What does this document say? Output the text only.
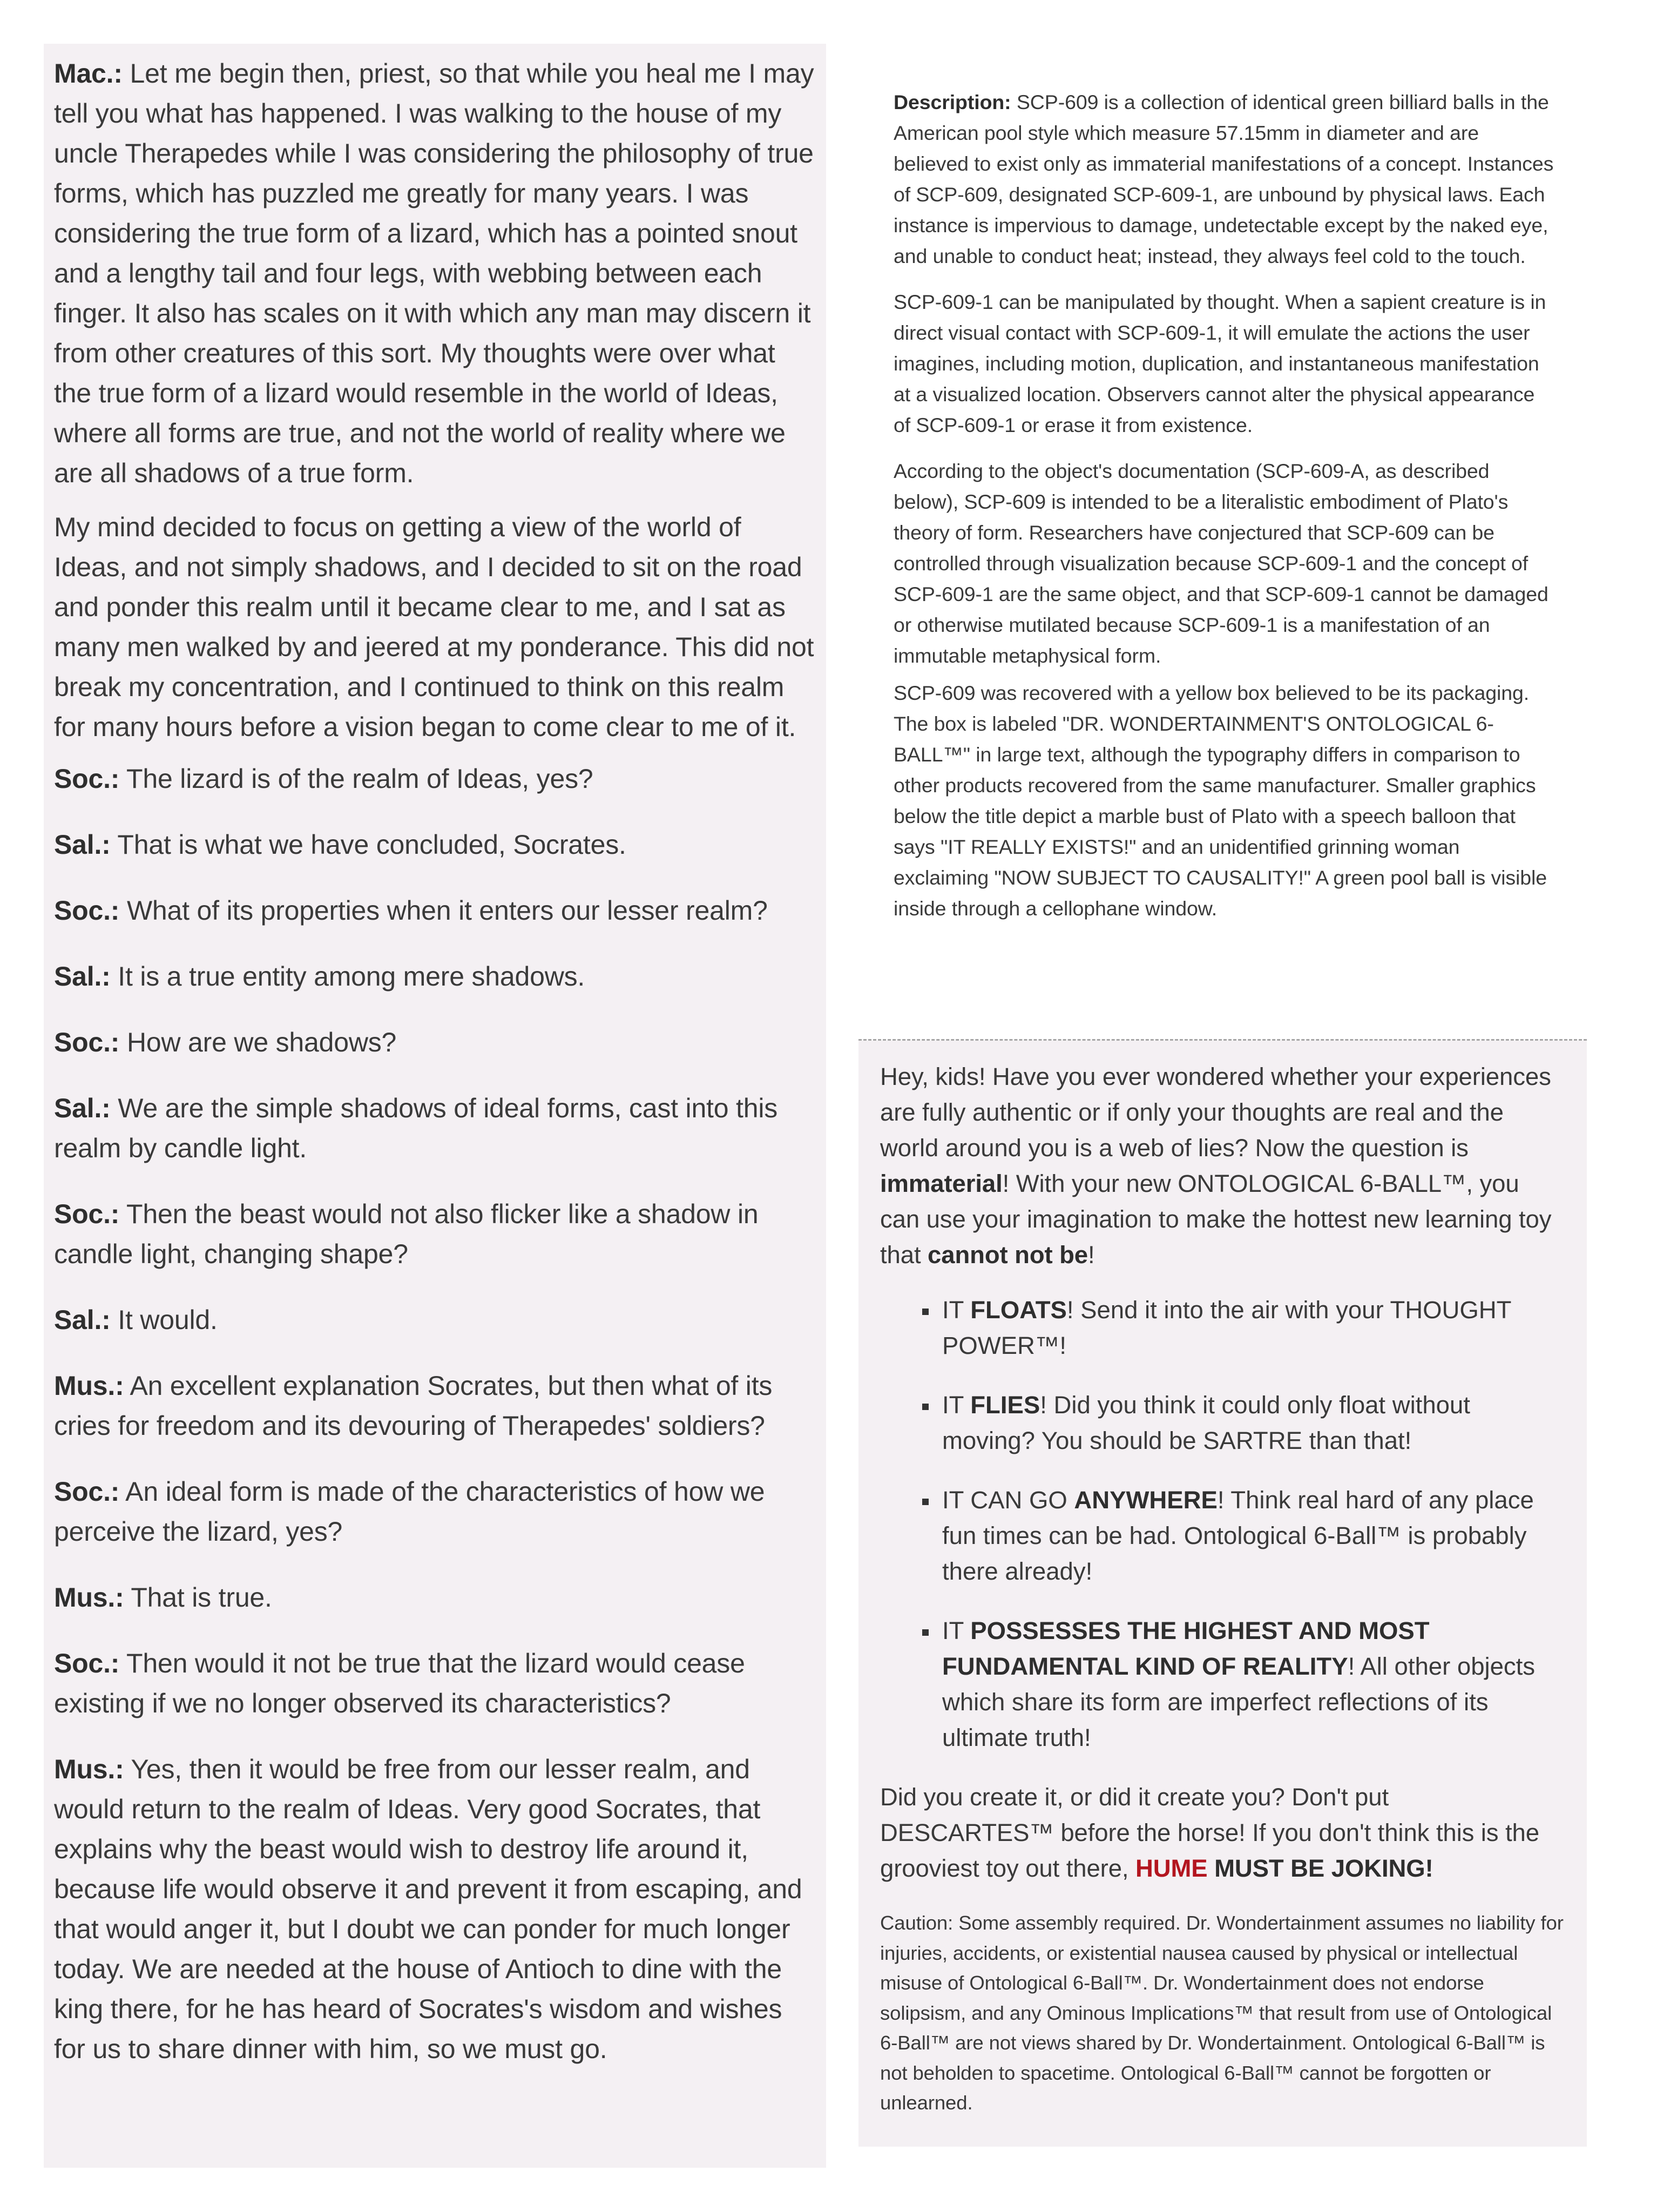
Mac.: Let me begin then, priest, so that while you heal me I may tell you what has happened. I was walking to the house of my uncle Therapedes while I was considering the philosophy of true forms, which has puzzled me greatly for many years. I was considering the true form of a lizard, which has a pointed snout and a lengthy tail and four legs, with webbing between each finger. It also has scales on it with which any man may discern it from other creatures of this sort. My thoughts were over what the true form of a lizard would resemble in the world of Ideas, where all forms are true, and not the world of reality where we are all shadows of a true form.

My mind decided to focus on getting a view of the world of Ideas, and not simply shadows, and I decided to sit on the road and ponder this realm until it became clear to me, and I sat as many men walked by and jeered at my ponderance. This did not break my concentration, and I continued to think on this realm for many hours before a vision began to come clear to me of it.

Soc.: The lizard is of the realm of Ideas, yes?

Sal.: That is what we have concluded, Socrates.

Soc.: What of its properties when it enters our lesser realm?

Sal.: It is a true entity among mere shadows.

Soc.: How are we shadows?

Sal.: We are the simple shadows of ideal forms, cast into this realm by candle light.

Soc.: Then the beast would not also flicker like a shadow in candle light, changing shape?

Sal.: It would.

Mus.: An excellent explanation Socrates, but then what of its cries for freedom and its devouring of Therapedes' soldiers?

Soc.: An ideal form is made of the characteristics of how we perceive the lizard, yes?

Mus.: That is true.

Soc.: Then would it not be true that the lizard would cease existing if we no longer observed its characteristics?

Mus.: Yes, then it would be free from our lesser realm, and would return to the realm of Ideas. Very good Socrates, that explains why the beast would wish to destroy life around it, because life would observe it and prevent it from escaping, and that would anger it, but I doubt we can ponder for much longer today. We are needed at the house of Antioch to dine with the king there, for he has heard of Socrates's wisdom and wishes for us to share dinner with him, so we must go.

Description: SCP-609 is a collection of identical green billiard balls in the American pool style which measure 57.15mm in diameter and are believed to exist only as immaterial manifestations of a concept. Instances of SCP-609, designated SCP-609-1, are unbound by physical laws. Each instance is impervious to damage, undetectable except by the naked eye, and unable to conduct heat; instead, they always feel cold to the touch.

SCP-609-1 can be manipulated by thought. When a sapient creature is in direct visual contact with SCP-609-1, it will emulate the actions the user imagines, including motion, duplication, and instantaneous manifestation at a visualized location. Observers cannot alter the physical appearance of SCP-609-1 or erase it from existence.

According to the object's documentation (SCP-609-A, as described below), SCP-609 is intended to be a literalistic embodiment of Plato's theory of form. Researchers have conjectured that SCP-609 can be controlled through visualization because SCP-609-1 and the concept of SCP-609-1 are the same object, and that SCP-609-1 cannot be damaged or otherwise mutilated because SCP-609-1 is a manifestation of an immutable metaphysical form.

SCP-609 was recovered with a yellow box believed to be its packaging. The box is labeled "DR. WONDERTAINMENT'S ONTOLOGICAL 6-BALL™" in large text, although the typography differs in comparison to other products recovered from the same manufacturer. Smaller graphics below the title depict a marble bust of Plato with a speech balloon that says "IT REALLY EXISTS!" and an unidentified grinning woman exclaiming "NOW SUBJECT TO CAUSALITY!" A green pool ball is visible inside through a cellophane window.

Hey, kids! Have you ever wondered whether your experiences are fully authentic or if only your thoughts are real and the world around you is a web of lies? Now the question is immaterial! With your new ONTOLOGICAL 6-BALL™, you can use your imagination to make the hottest new learning toy that cannot not be!

IT FLOATS! Send it into the air with your THOUGHT POWER™!
IT FLIES! Did you think it could only float without moving? You should be SARTRE than that!
IT CAN GO ANYWHERE! Think real hard of any place fun times can be had. Ontological 6-Ball™ is probably there already!
IT POSSESSES THE HIGHEST AND MOST FUNDAMENTAL KIND OF REALITY! All other objects which share its form are imperfect reflections of its ultimate truth!

Did you create it, or did it create you? Don't put DESCARTES™ before the horse! If you don't think this is the grooviest toy out there, HUME MUST BE JOKING!

Caution: Some assembly required. Dr. Wondertainment assumes no liability for injuries, accidents, or existential nausea caused by physical or intellectual misuse of Ontological 6-Ball™. Dr. Wondertainment does not endorse solipsism, and any Ominous Implications™ that result from use of Ontological 6-Ball™ are not views shared by Dr. Wondertainment. Ontological 6-Ball™ is not beholden to spacetime. Ontological 6-Ball™ cannot be forgotten or unlearned.
